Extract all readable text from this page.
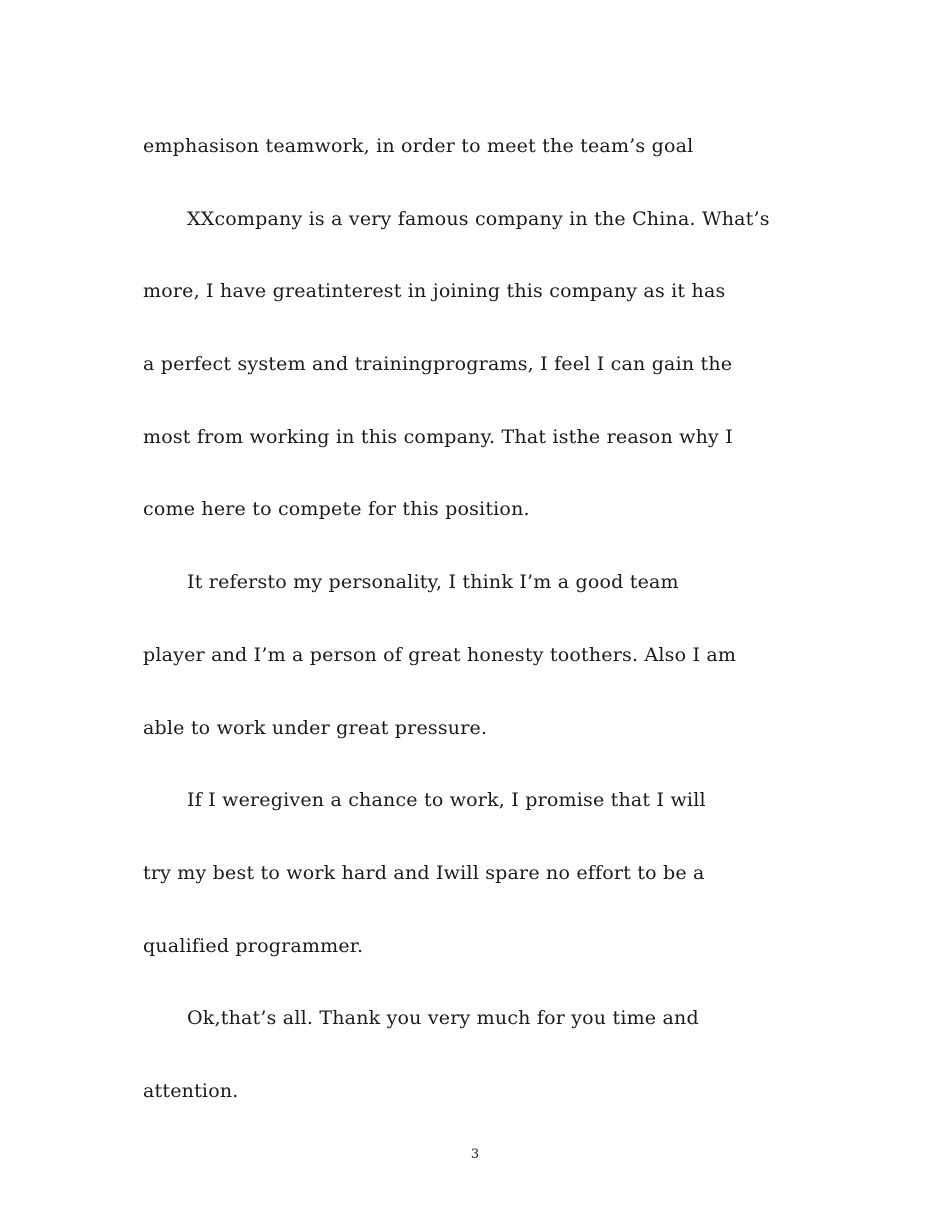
emphasison teamwork, in order to meet the team’s goal
XXcompany is a very famous company in the China. What’s
more, I have greatinterest in joining this company as it has
a perfect system and trainingprograms, I feel I can gain the
most from working in this company. That isthe reason why I
come here to compete for this position.
It refersto my personality, I think I’m a good team
player and I’m a person of great honesty toothers. Also I am
able to work under great pressure.
If I weregiven a chance to work, I promise that I will
try my best to work hard and Iwill spare no effort to be a
qualified programmer.
Ok,that’s all. Thank you very much for you time and
attention.
3
